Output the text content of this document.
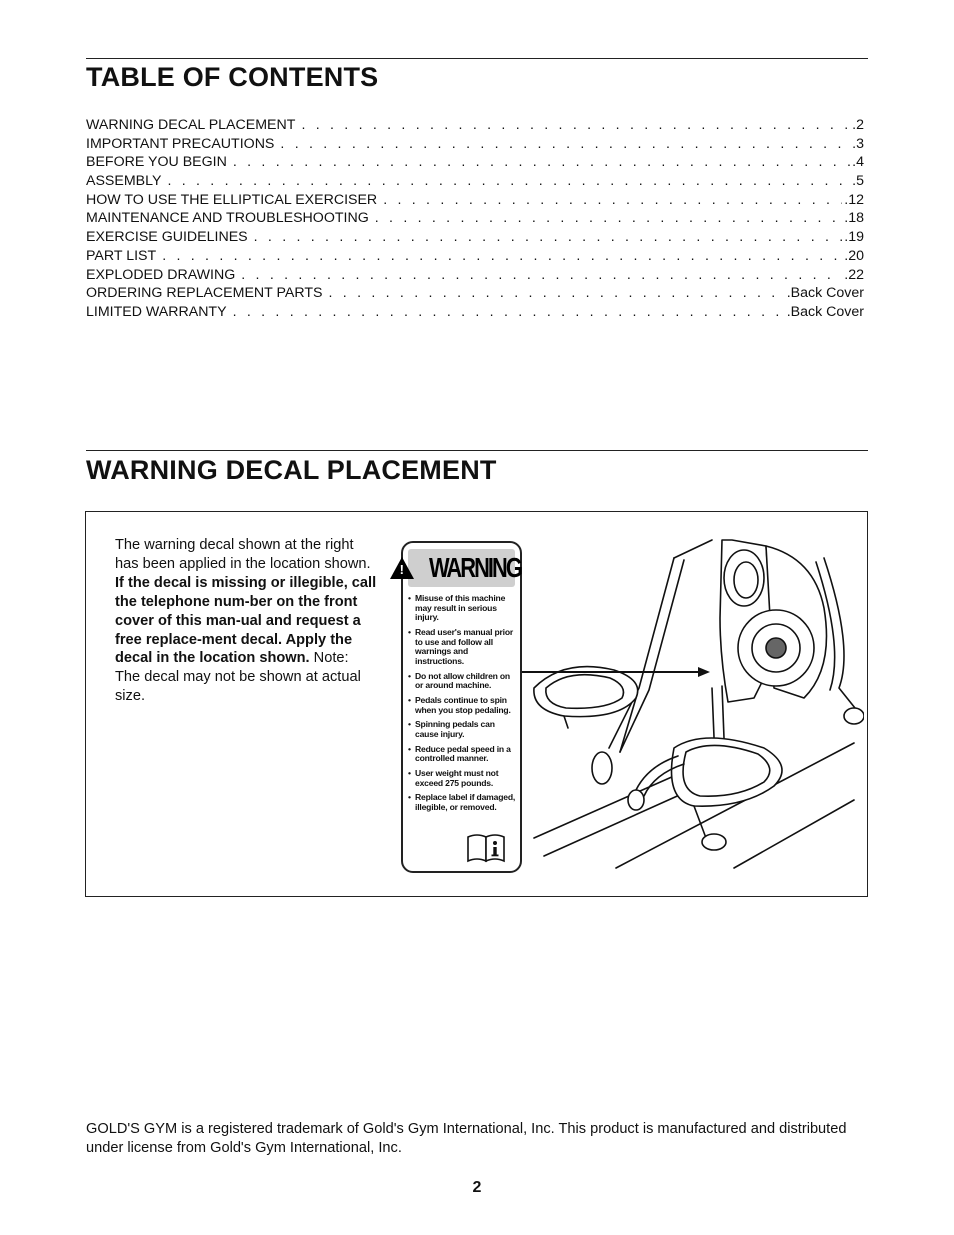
TABLE OF CONTENTS
WARNING DECAL PLACEMENT . . .	.2
IMPORTANT PRECAUTIONS . . .	.3
BEFORE YOU BEGIN . . .	.4
ASSEMBLY . . .	.5
HOW TO USE THE ELLIPTICAL EXERCISER . . .	.12
MAINTENANCE AND TROUBLESHOOTING . . .	.18
EXERCISE GUIDELINES . . .	.19
PART LIST . . .	.20
EXPLODED DRAWING . . .	.22
ORDERING REPLACEMENT PARTS . . .	.Back Cover
LIMITED WARRANTY . . .	.Back Cover
WARNING DECAL PLACEMENT

The warning decal shown at the right has been applied in the location shown. If the decal is missing or illegible, call the telephone num-ber on the front cover of this man-ual and request a free replace-ment decal. Apply the decal in the location shown. Note: The decal may not be shown at actual size.

! WARNING
• Misuse of this machine may result in serious injury.
• Read user's manual prior to use and follow all warnings and instructions.
• Do not allow children on or around machine.
• Pedals continue to spin when you stop pedaling.
• Spinning pedals can cause injury.
• Reduce pedal speed in a controlled manner.
• User weight must not exceed 275 pounds.
• Replace label if damaged, illegible, or removed.

GOLD'S GYM is a registered trademark of Gold's Gym International, Inc. This product is manufactured and distributed under license from Gold's Gym International, Inc.

2
